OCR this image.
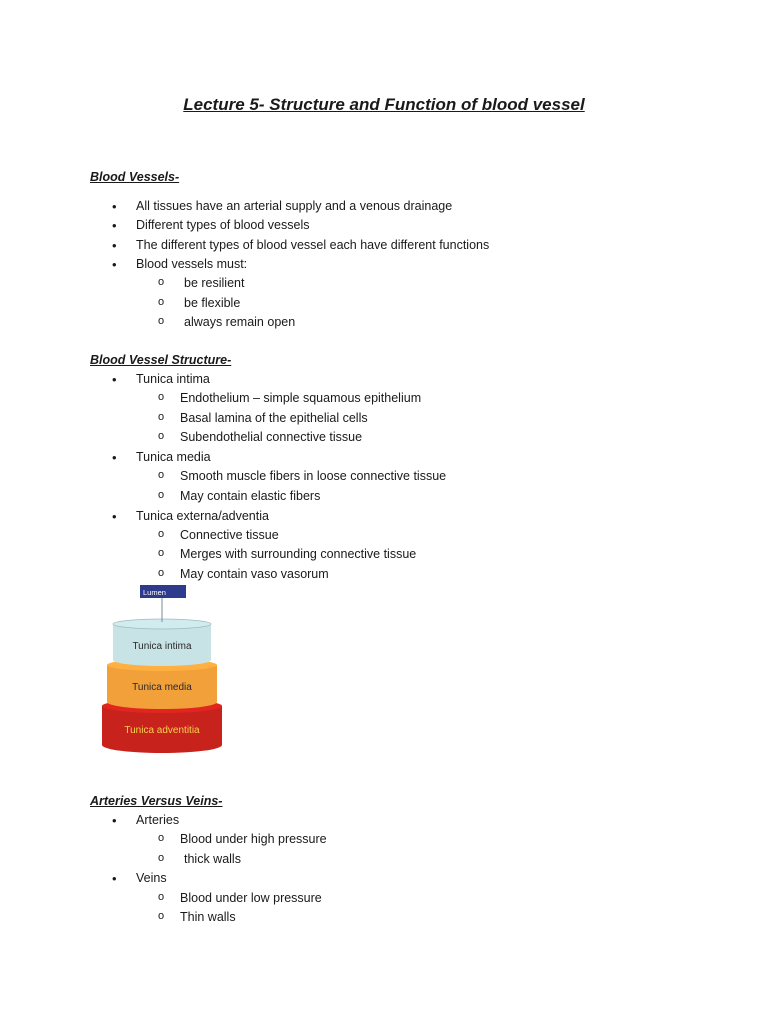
Lecture 5- Structure and Function of blood vessel
Blood Vessels-
• All tissues have an arterial supply and a venous drainage
• Different types of blood vessels
• The different types of blood vessel each have different functions
• Blood vessels must:
o be resilient
o be flexible
o always remain open
Blood Vessel Structure-
• Tunica intima
o Endothelium – simple squamous epithelium
o Basal lamina of the epithelial cells
o Subendothelial connective tissue
• Tunica media
o Smooth muscle fibers in loose connective tissue
o May contain elastic fibers
• Tunica externa/adventia
o Connective tissue
o Merges with surrounding connective tissue
o May contain vaso vasorum
Tunica adventitia
Tunica media
Tunica intima
Lumen
Arteries Versus Veins-
• Arteries
o Blood under high pressure
o thick walls
• Veins
o Blood under low pressure
o Thin walls
